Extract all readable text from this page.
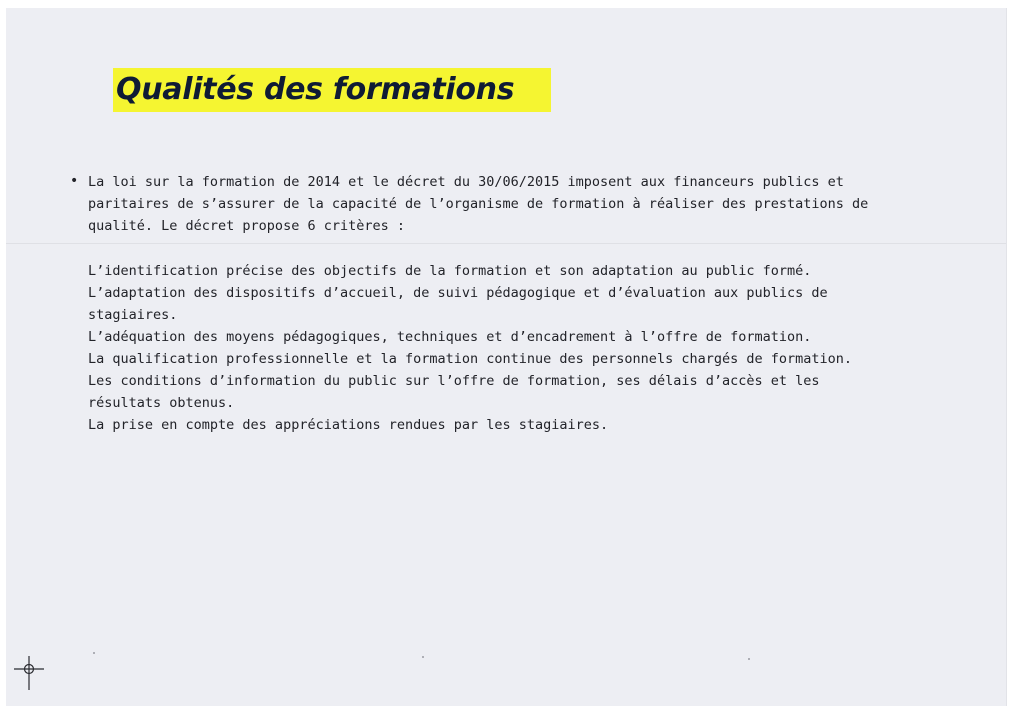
Qualités des formations
• La loi sur la formation de 2014 et le décret du 30/06/2015 imposent aux financeurs publics et
paritaires de s’assurer de la capacité de l’organisme de formation à réaliser des prestations de
qualité. Le décret propose 6 critères :
L’identification précise des objectifs de la formation et son adaptation au public formé.
L’adaptation des dispositifs d’accueil, de suivi pédagogique et d’évaluation aux publics de
stagiaires.
L’adéquation des moyens pédagogiques, techniques et d’encadrement à l’offre de formation.
La qualification professionnelle et la formation continue des personnels chargés de formation.
Les conditions d’information du public sur l’offre de formation, ses délais d’accès et les
résultats obtenus.
La prise en compte des appréciations rendues par les stagiaires.
